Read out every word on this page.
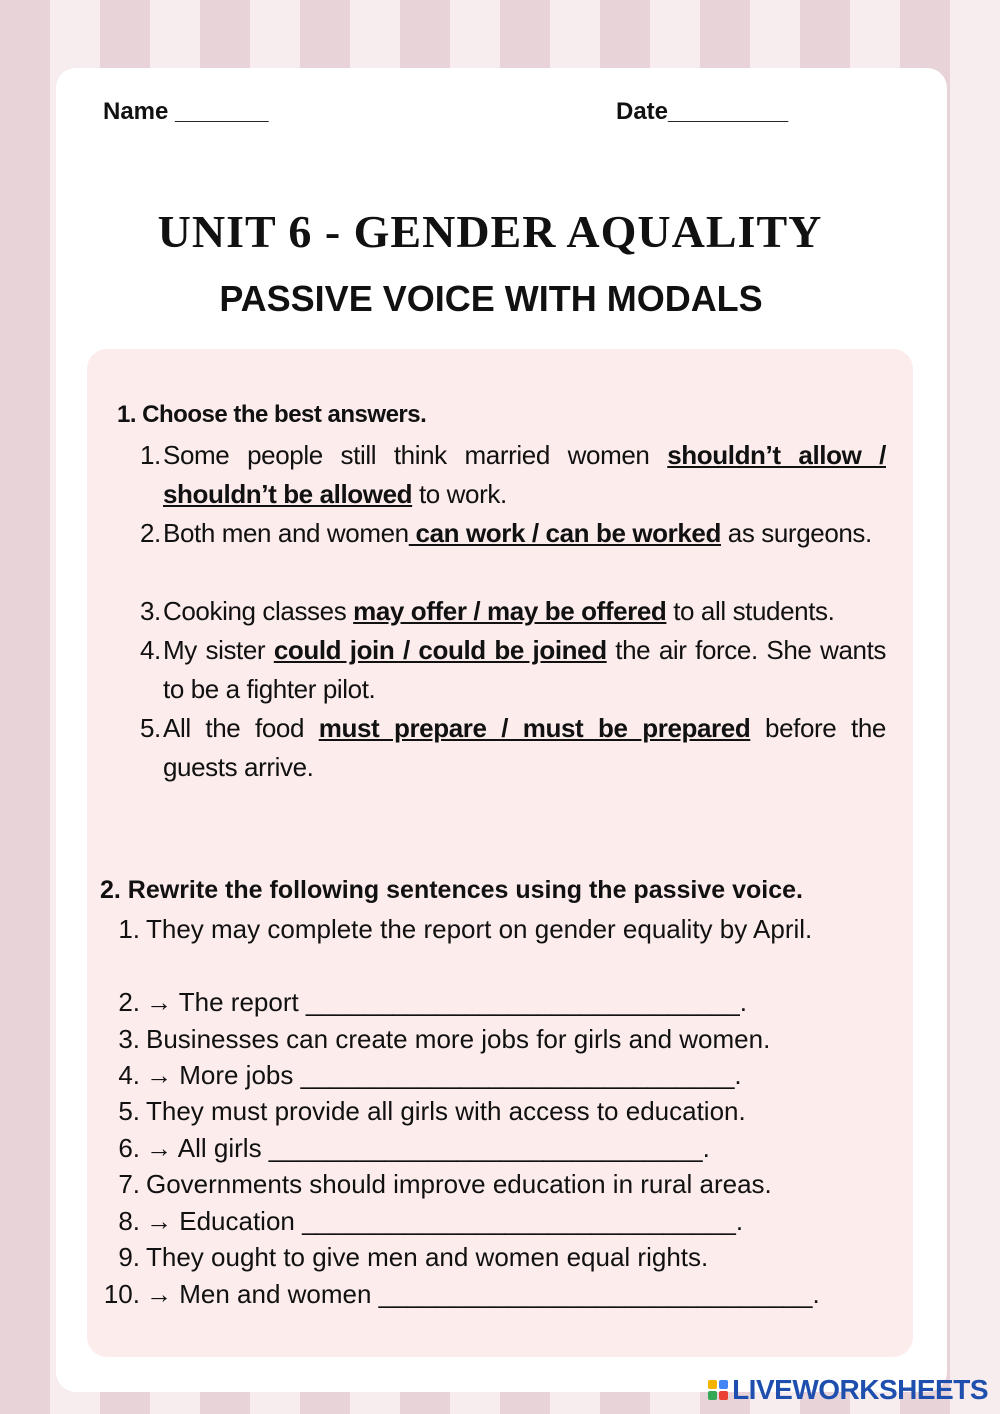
Name _______	Date_________
UNIT 6 - GENDER AQUALITY
PASSIVE VOICE WITH MODALS
1. Choose the best answers.
1. Some people still think married women shouldn’t allow / shouldn’t be allowed to work.
2. Both men and women can work / can be worked as surgeons.
3. Cooking classes may offer / may be offered to all students.
4. My sister could join / could be joined the air force. She wants to be a fighter pilot.
5. All the food must prepare / must be prepared before the guests arrive.
2. Rewrite the following sentences using the passive voice.
1. They may complete the report on gender equality by April.
2. → The report ______________________________.
3. Businesses can create more jobs for girls and women.
4. → More jobs ______________________________.
5. They must provide all girls with access to education.
6. → All girls ______________________________.
7. Governments should improve education in rural areas.
8. → Education ______________________________.
9. They ought to give men and women equal rights.
10. → Men and women ______________________________.
LIVEWORKSHEETS
